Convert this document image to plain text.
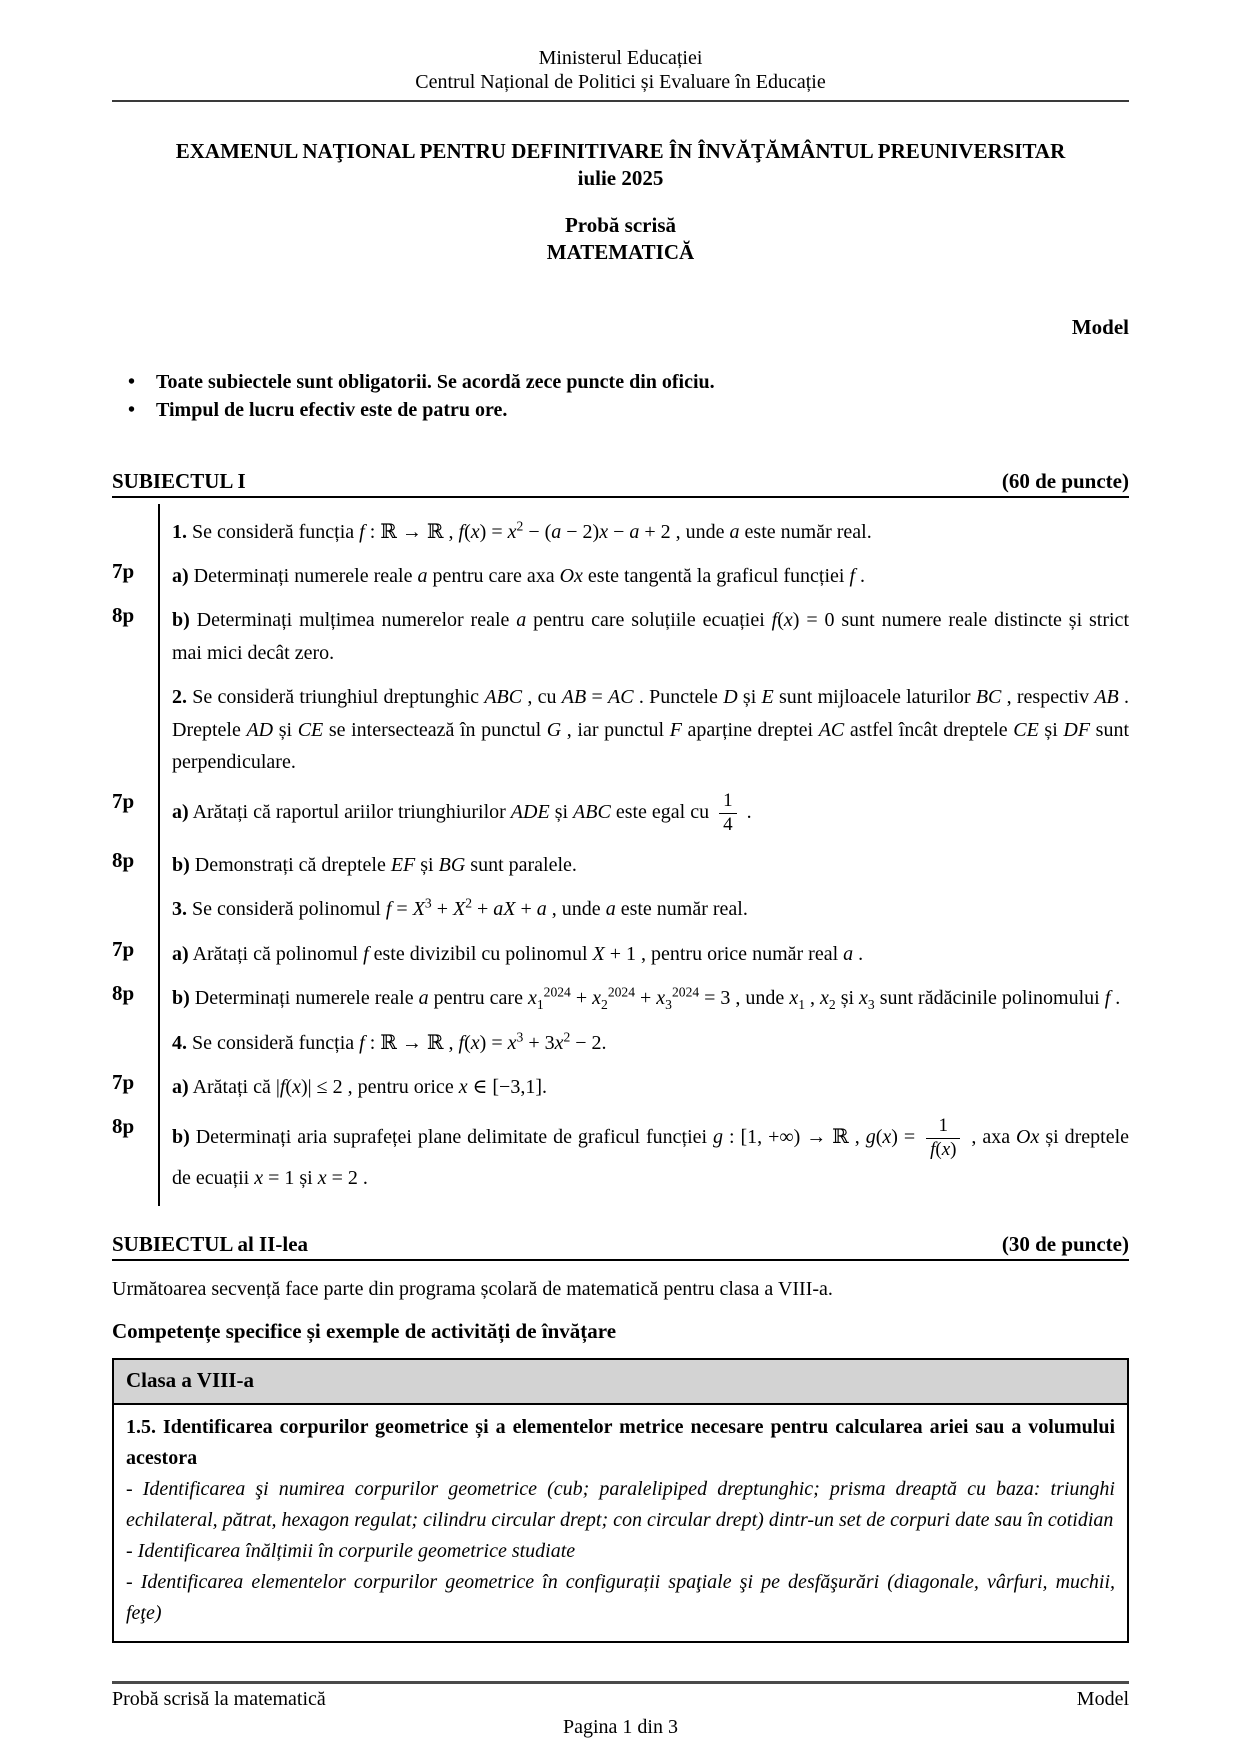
Ministerul Educației
Centrul Național de Politici și Evaluare în Educație
EXAMENUL NAŢIONAL PENTRU DEFINITIVARE ÎN ÎNVĂŢĂMÂNTUL PREUNIVERSITAR
iulie 2025
Probă scrisă
MATEMATICĂ
Model
• Toate subiectele sunt obligatorii. Se acordă zece puncte din oficiu.
• Timpul de lucru efectiv este de patru ore.
SUBIECTUL I	(60 de puncte)
1. Se consideră funcția f : ℝ → ℝ , $f(x) = x^2 - (a - 2)x - a + 2$ , unde a este număr real.
7p	a) Determinați numerele reale a pentru care axa Ox este tangentă la graficul funcției f .
8p	b) Determinați mulțimea numerelor reale a pentru care soluțiile ecuației f(x) = 0 sunt numere reale distincte și strict mai mici decât zero.
2. Se consideră triunghiul dreptunghic ABC , cu AB = AC . Punctele D și E sunt mijloacele laturilor BC , respectiv AB . Dreptele AD și CE se intersectează în punctul G , iar punctul F aparține dreptei AC astfel încât dreptele CE și DF sunt perpendiculare.
7p	a) Arătați că raportul ariilor triunghiurilor ADE și ABC este egal cu $\frac{1}{4}$ .
8p	b) Demonstrați că dreptele EF și BG sunt paralele.
3. Se consideră polinomul $f = X^3 + X^2$ + aX + a , unde a este număr real.
7p	a) Arătați că polinomul f este divizibil cu polinomul X + 1 , pentru orice număr real a .
8p	b) Determinați numerele reale a pentru care $x_1^{2024} + x_2^{2024} + x_3^{2024} = 3$ , unde $x_1$ , $x_2$ și $x_3$ sunt rădăcinile polinomului f .
4. Se consideră funcția f : ℝ → ℝ , $f(x) = x^3 + 3x^2 - 2$.
7p	a) Arătați că |f(x)| ≤ 2 , pentru orice x ∈ [−3,1].
8p	b) Determinați aria suprafeței plane delimitate de graficul funcției g : [1, +∞) → ℝ , $g(x) = \frac{1}{f(x)}$ , axa Ox și dreptele de ecuații x = 1 și x = 2 .
SUBIECTUL al II-lea	(30 de puncte)
Următoarea secvență face parte din programa școlară de matematică pentru clasa a VIII-a.
Competențe specifice și exemple de activități de învățare
Clasa a VIII-a

1.5. Identificarea corpurilor geometrice și a elementelor metrice necesare pentru calcularea ariei sau a volumului acestora

- Identificarea şi numirea corpurilor geometrice (cub; paralelipiped dreptunghic; prisma dreaptă cu baza: triunghi echilateral, pătrat, hexagon regulat; cilindru circular drept; con circular drept) dintr-un set de corpuri date sau în cotidian

- Identificarea înălțimii în corpurile geometrice studiate

- Identificarea elementelor corpurilor geometrice în configurații spaţiale şi pe desfăşurări (diagonale, vârfuri, muchii, feţe)

Probă scrisă la matematică	Model
Pagina 1 din 3
